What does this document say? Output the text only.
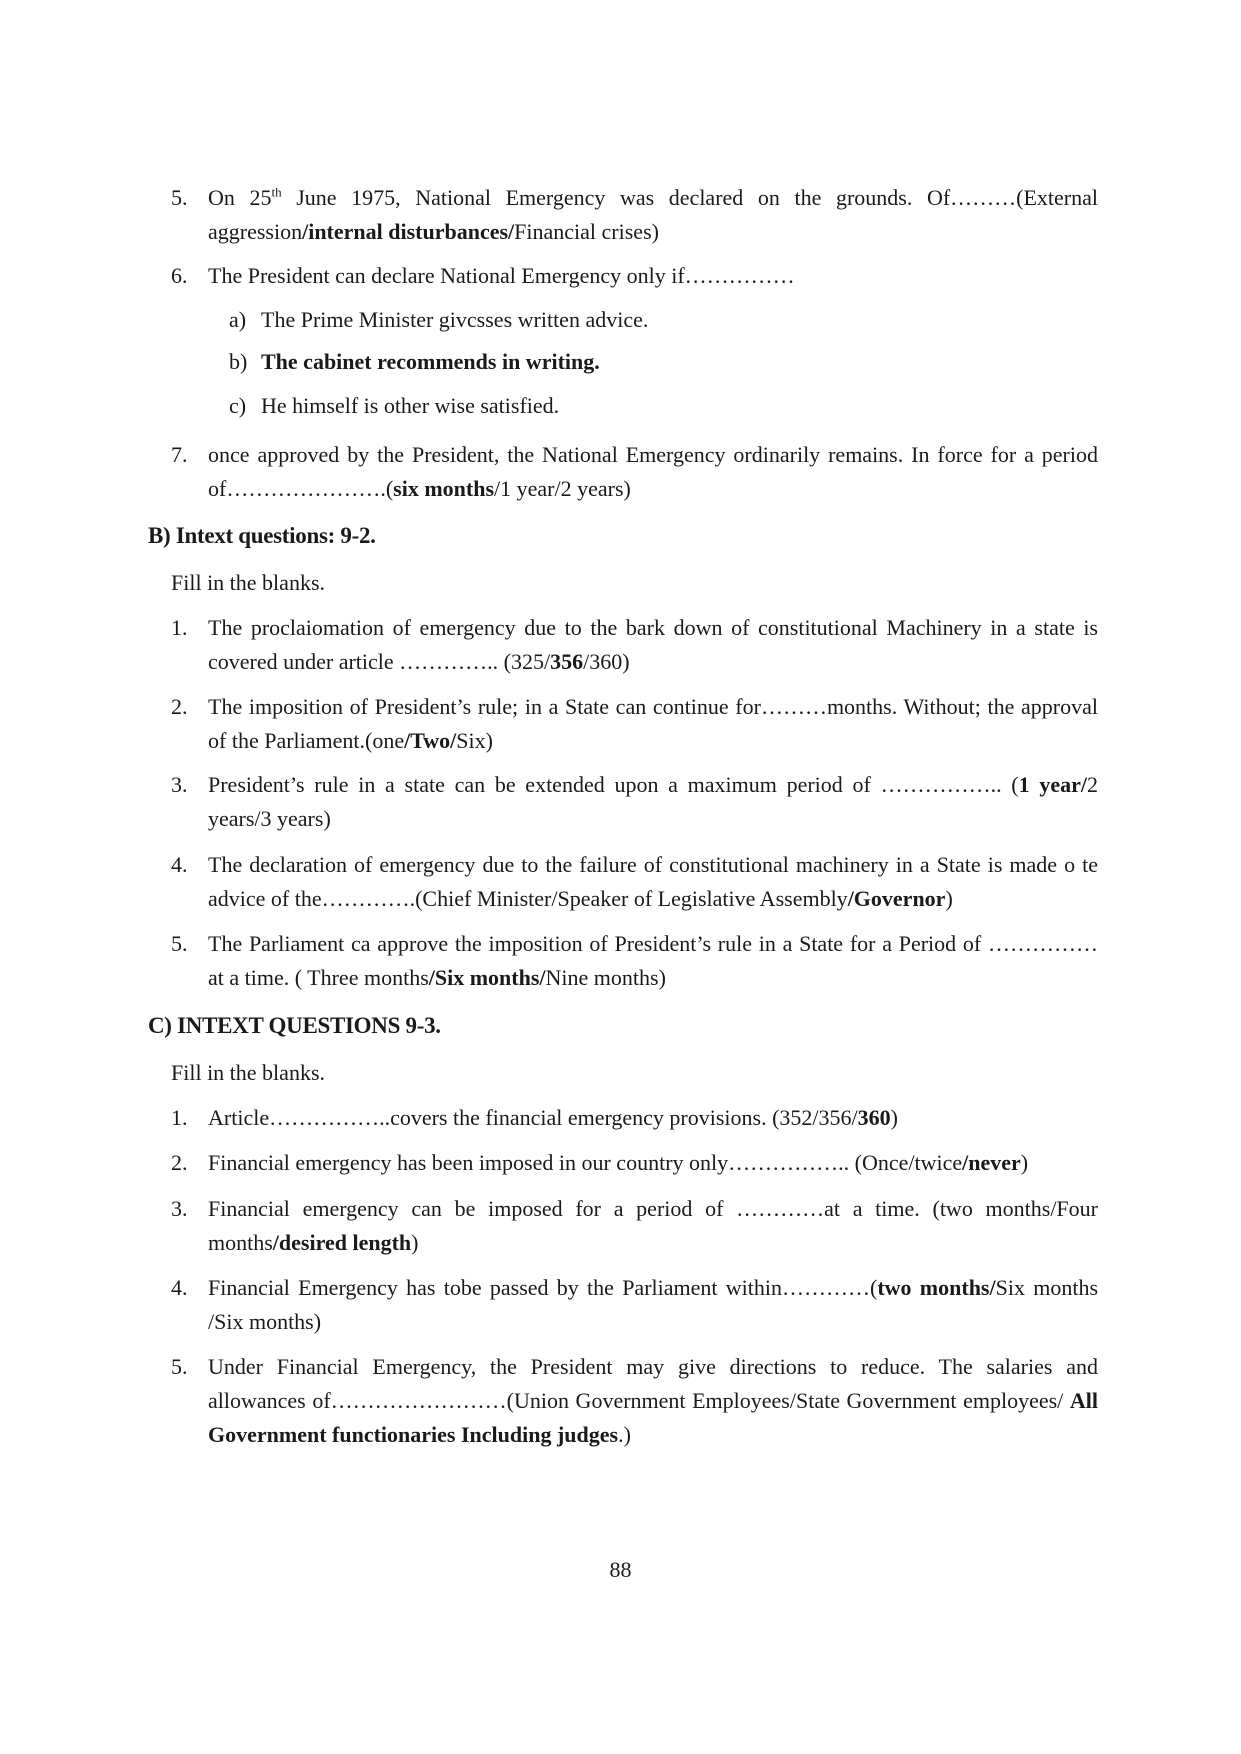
5. On 25th June 1975, National Emergency was declared on the grounds. Of………(External aggression/internal disturbances/Financial crises)
6. The President can declare National Emergency only if……………
a) The Prime Minister givcsses written advice.
b) The cabinet recommends in writing.
c) He himself is other wise satisfied.
7. once approved by the President, the National Emergency ordinarily remains. In force for a period of………………….(six months/1 year/2 years)
B) Intext questions: 9-2.
Fill in the blanks.
1. The proclaiomation of emergency due to the bark down of constitutional Machinery in a state is covered under article ………….. (325/356/360)
2. The imposition of President’s rule; in a State can continue for………months. Without; the approval of the Parliament.(one/Two/Six)
3. President’s rule in a state can be extended upon a maximum period of …………….. (1 year/2 years/3 years)
4. The declaration of emergency due to the failure of constitutional machinery in a State is made o te advice of the………….(Chief Minister/Speaker of Legislative Assembly/Governor)
5. The Parliament ca approve the imposition of President’s rule in a State for a Period of …………… at a time. ( Three months/Six months/Nine months)
C) INTEXT QUESTIONS 9-3.
Fill in the blanks.
1. Article……………..covers the financial emergency provisions. (352/356/360)
2. Financial emergency has been imposed in our country only…………….. (Once/twice/never)
3. Financial emergency can be imposed for a period of …………at a time. (two months/Four months/desired length)
4. Financial Emergency has tobe passed by the Parliament within…………(two months/Six months /Six months)
5. Under Financial Emergency, the President may give directions to reduce. The salaries and allowances of……………………(Union Government Employees/State Government employees/ All Government functionaries Including judges.)
88
